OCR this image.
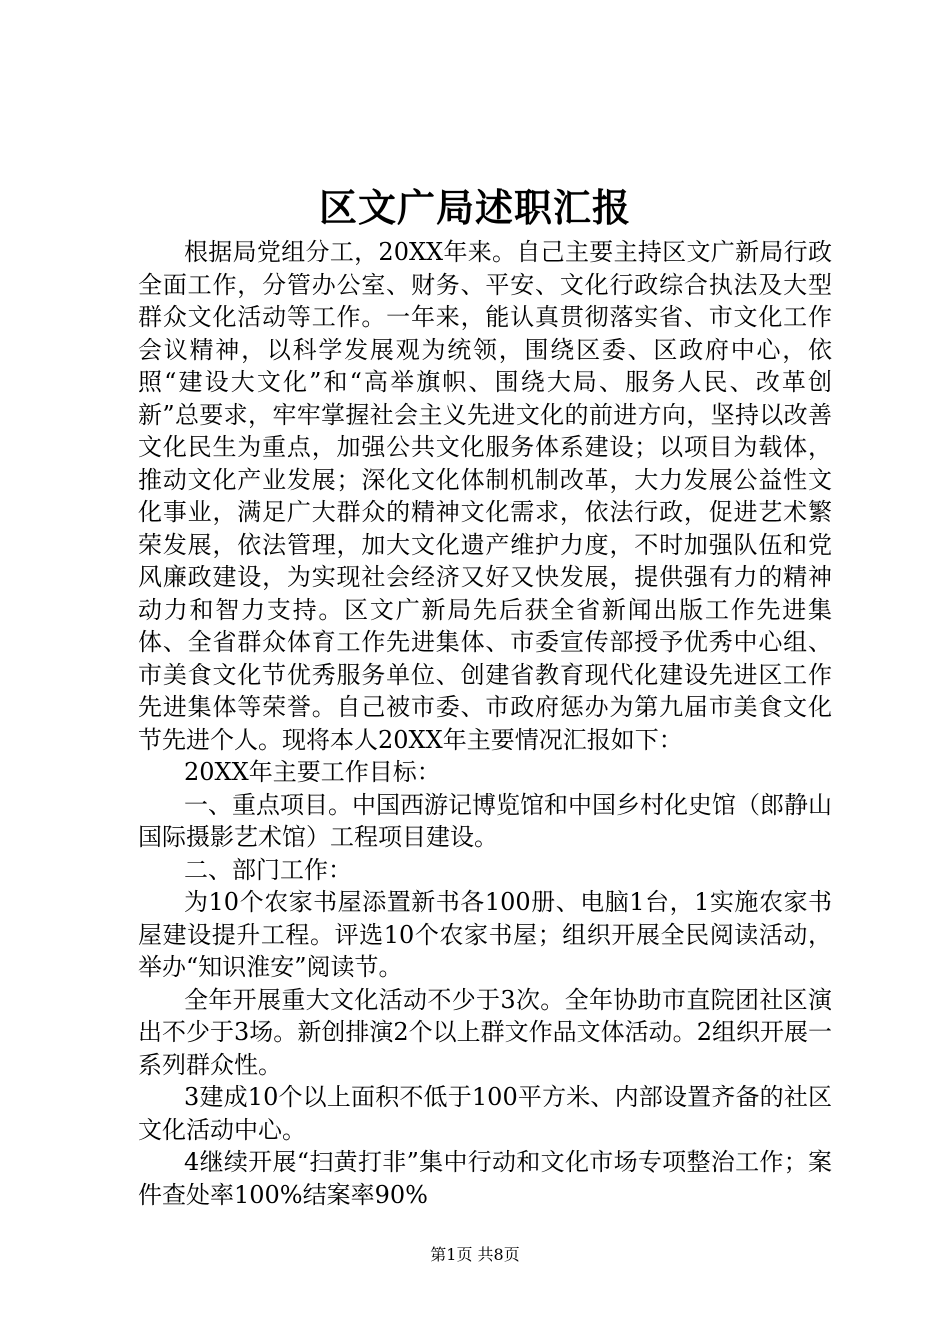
区文广局述职汇报

根据局党组分工，20XX年来。自己主要主持区文广新局行政全面工作，分管办公室、财务、平安、文化行政综合执法及大型群众文化活动等工作。一年来，能认真贯彻落实省、市文化工作会议精神，以科学发展观为统领，围绕区委、区政府中心，依照“建设大文化”和“高举旗帜、围绕大局、服务人民、改革创新”总要求，牢牢掌握社会主义先进文化的前进方向，坚持以改善文化民生为重点，加强公共文化服务体系建设；以项目为载体，推动文化产业发展；深化文化体制机制改革，大力发展公益性文化事业，满足广大群众的精神文化需求，依法行政，促进艺术繁荣发展，依法管理，加大文化遗产维护力度，不时加强队伍和党风廉政建设，为实现社会经济又好又快发展，提供强有力的精神动力和智力支持。区文广新局先后获全省新闻出版工作先进集体、全省群众体育工作先进集体、市委宣传部授予优秀中心组、市美食文化节优秀服务单位、创建省教育现代化建设先进区工作先进集体等荣誉。自己被市委、市政府惩办为第九届市美食文化节先进个人。现将本人20XX年主要情况汇报如下：

20XX年主要工作目标：

一、重点项目。中国西游记博览馆和中国乡村化史馆（郎静山国际摄影艺术馆）工程项目建设。

二、部门工作：

为10个农家书屋添置新书各100册、电脑1台，1实施农家书屋建设提升工程。评选10个农家书屋；组织开展全民阅读活动，举办“知识淮安”阅读节。

全年开展重大文化活动不少于3次。全年协助市直院团社区演出不少于3场。新创排演2个以上群文作品文体活动。2组织开展一系列群众性。

3建成10个以上面积不低于100平方米、内部设置齐备的社区文化活动中心。

4继续开展“扫黄打非”集中行动和文化市场专项整治工作；案件查处率100%结案率90%

第1页 共8页
